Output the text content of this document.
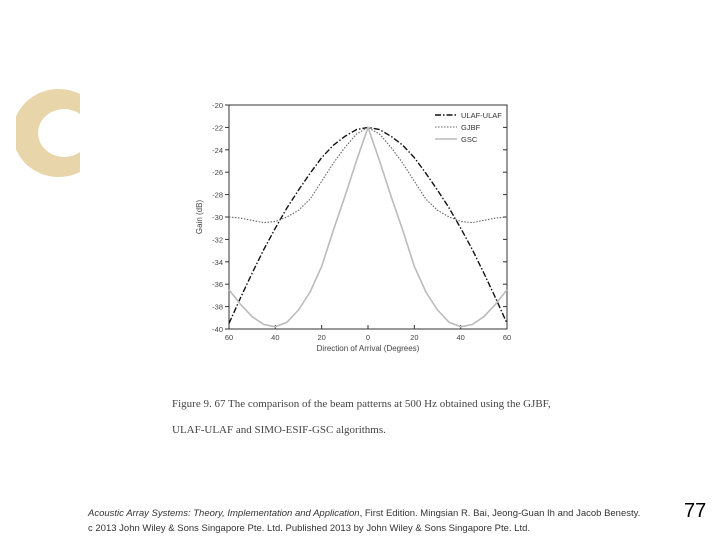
-20
-22
-24
-26
-28
-30
-32
-34
-36
-38
-40
60	40	20	0	20	40	60
ULAF-ULAF
GJBF
GSC
Gain (dB)
Direction of Arrival (Degrees)
Figure 9. 67 The comparison of the beam patterns at 500 Hz obtained using the GJBF,
ULAF-ULAF and SIMO-ESIF-GSC algorithms.
Acoustic Array Systems: Theory, Implementation and Application, First Edition. Mingsian R. Bai, Jeong-Guan Ih and Jacob Benesty.
c 2013 John Wiley & Sons Singapore Pte. Ltd. Published 2013 by John Wiley & Sons Singapore Pte. Ltd.
77
